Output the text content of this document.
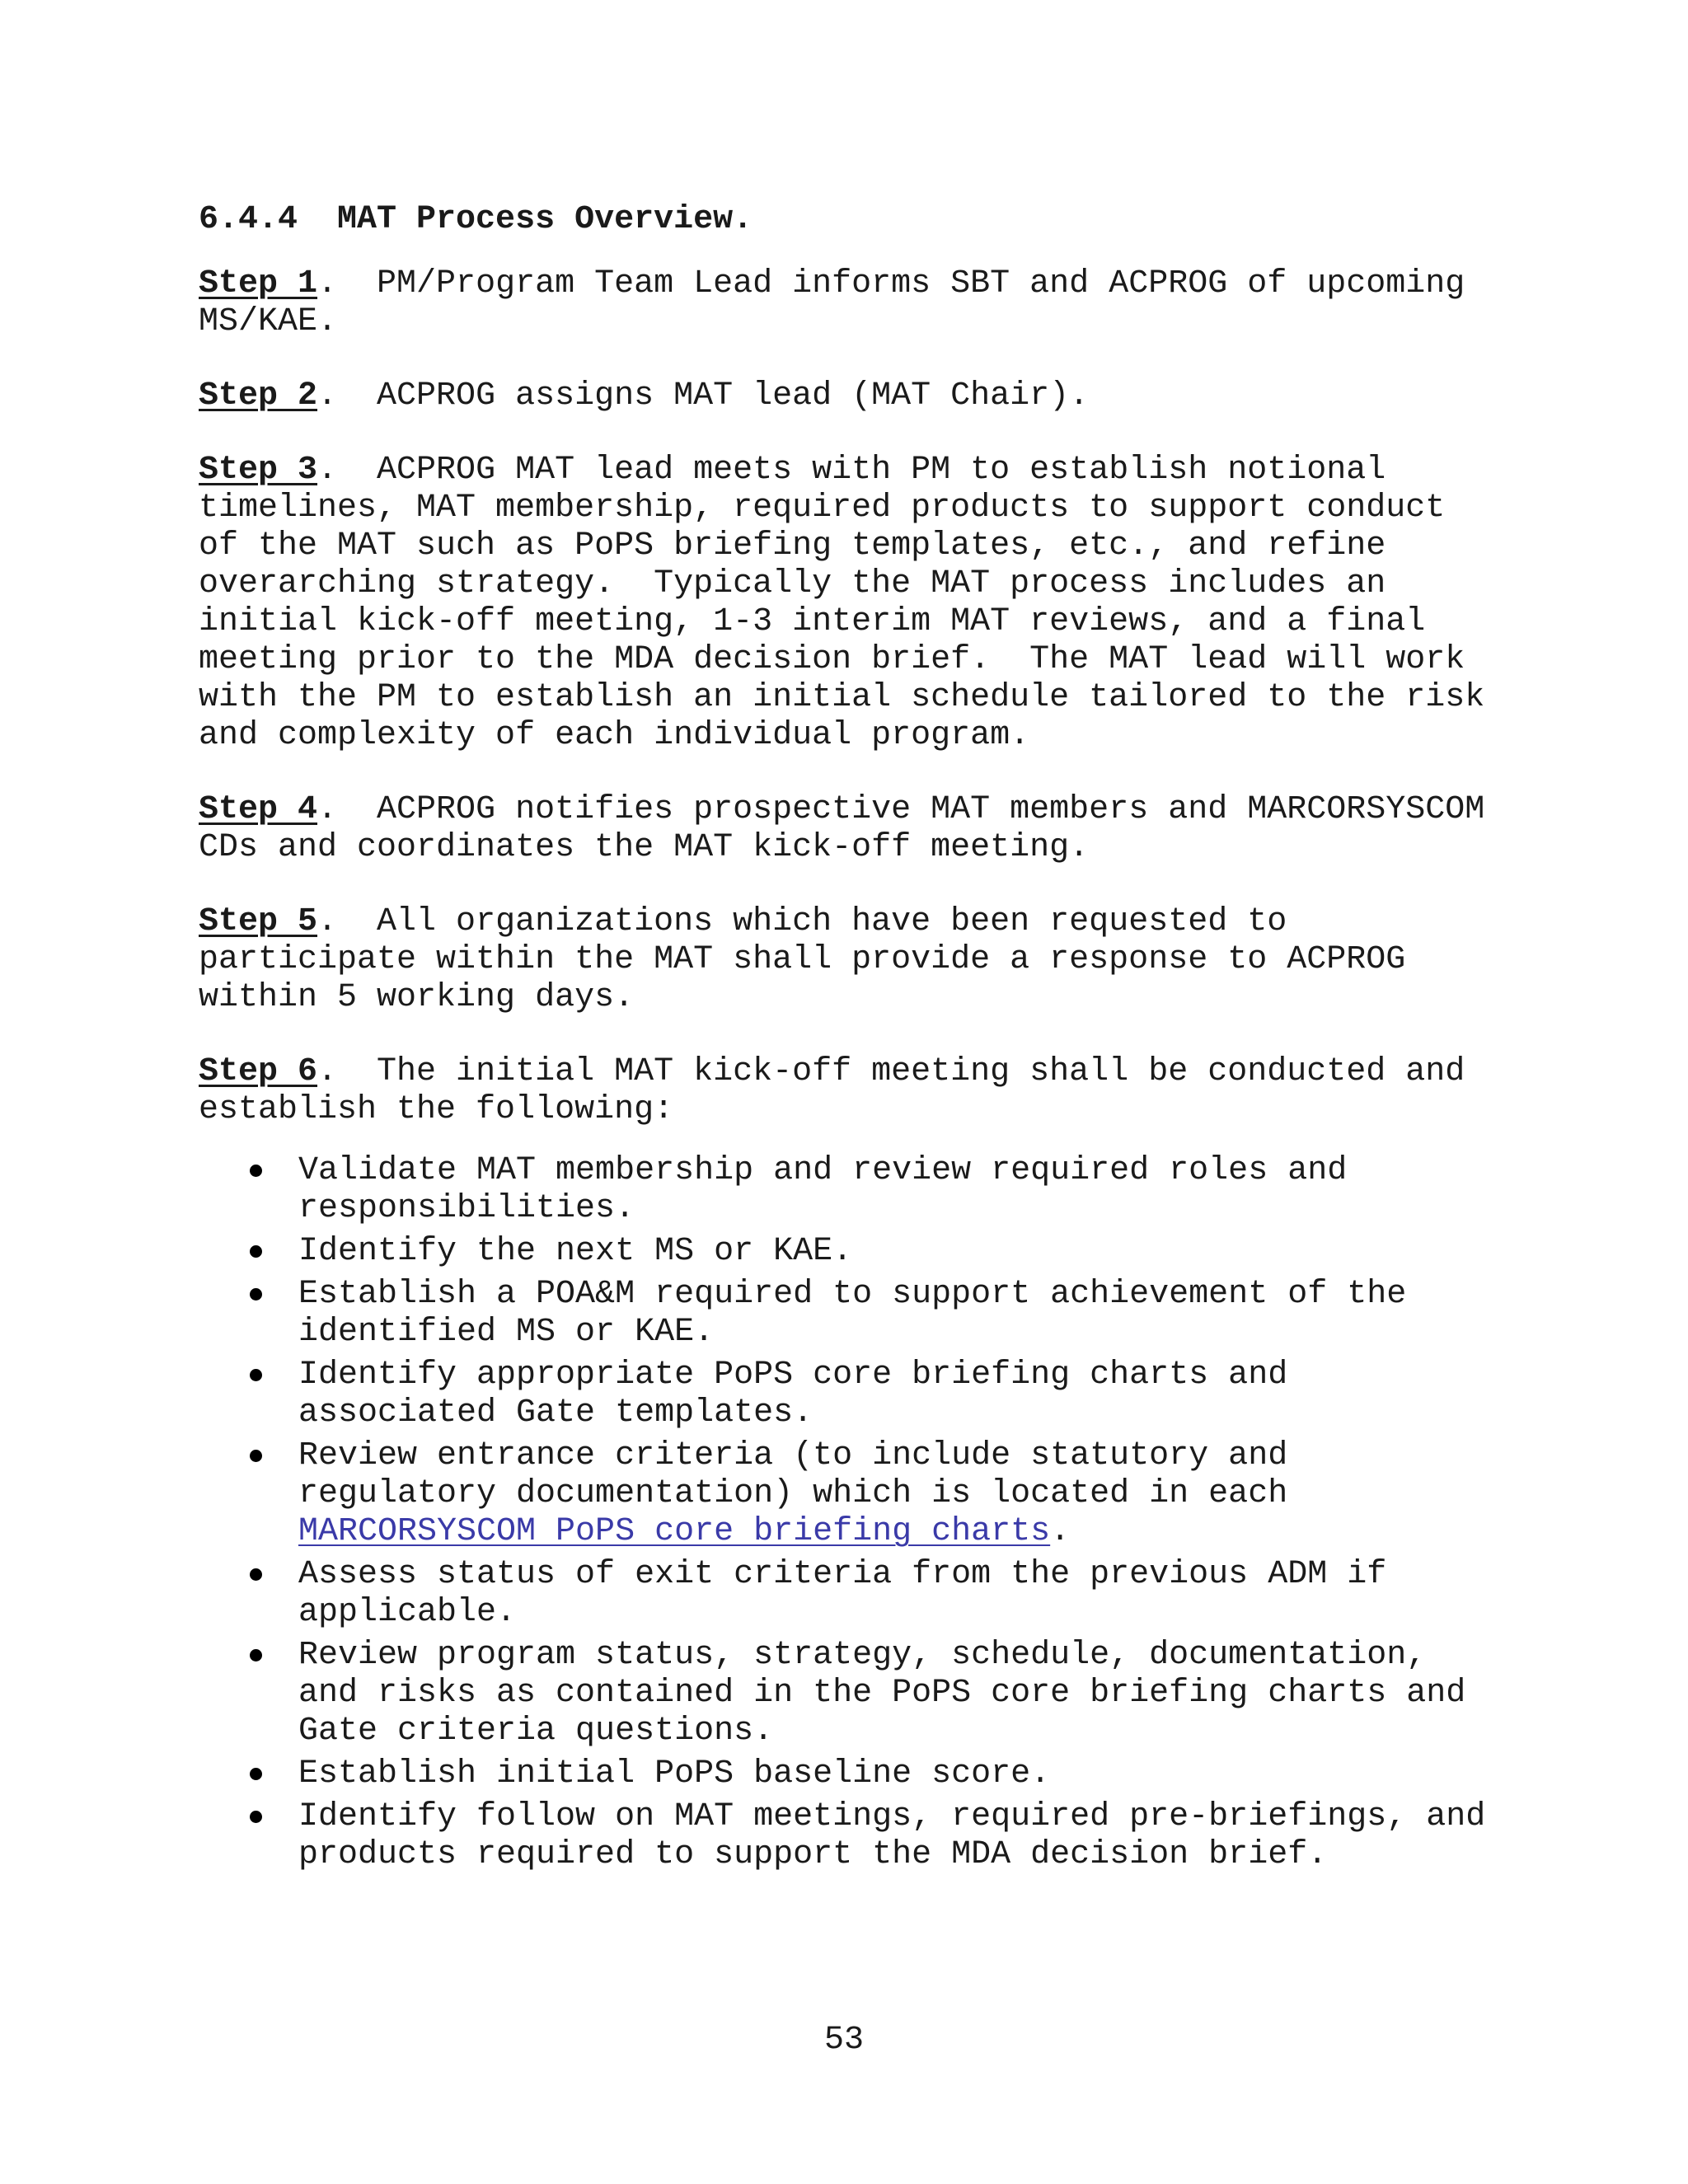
6.4.4  MAT Process Overview.
Step 1.  PM/Program Team Lead informs SBT and ACPROG of upcoming MS/KAE.
Step 2.  ACPROG assigns MAT lead (MAT Chair).
Step 3.  ACPROG MAT lead meets with PM to establish notional timelines, MAT membership, required products to support conduct of the MAT such as PoPS briefing templates, etc., and refine overarching strategy.  Typically the MAT process includes an initial kick-off meeting, 1-3 interim MAT reviews, and a final meeting prior to the MDA decision brief.  The MAT lead will work with the PM to establish an initial schedule tailored to the risk and complexity of each individual program.
Step 4.  ACPROG notifies prospective MAT members and MARCORSYSCOM CDs and coordinates the MAT kick-off meeting.
Step 5.  All organizations which have been requested to participate within the MAT shall provide a response to ACPROG within 5 working days.
Step 6.  The initial MAT kick-off meeting shall be conducted and establish the following:
Validate MAT membership and review required roles and responsibilities.
Identify the next MS or KAE.
Establish a POA&M required to support achievement of the identified MS or KAE.
Identify appropriate PoPS core briefing charts and associated Gate templates.
Review entrance criteria (to include statutory and regulatory documentation) which is located in each MARCORSYSCOM PoPS core briefing charts.
Assess status of exit criteria from the previous ADM if applicable.
Review program status, strategy, schedule, documentation, and risks as contained in the PoPS core briefing charts and Gate criteria questions.
Establish initial PoPS baseline score.
Identify follow on MAT meetings, required pre-briefings, and products required to support the MDA decision brief.
53
